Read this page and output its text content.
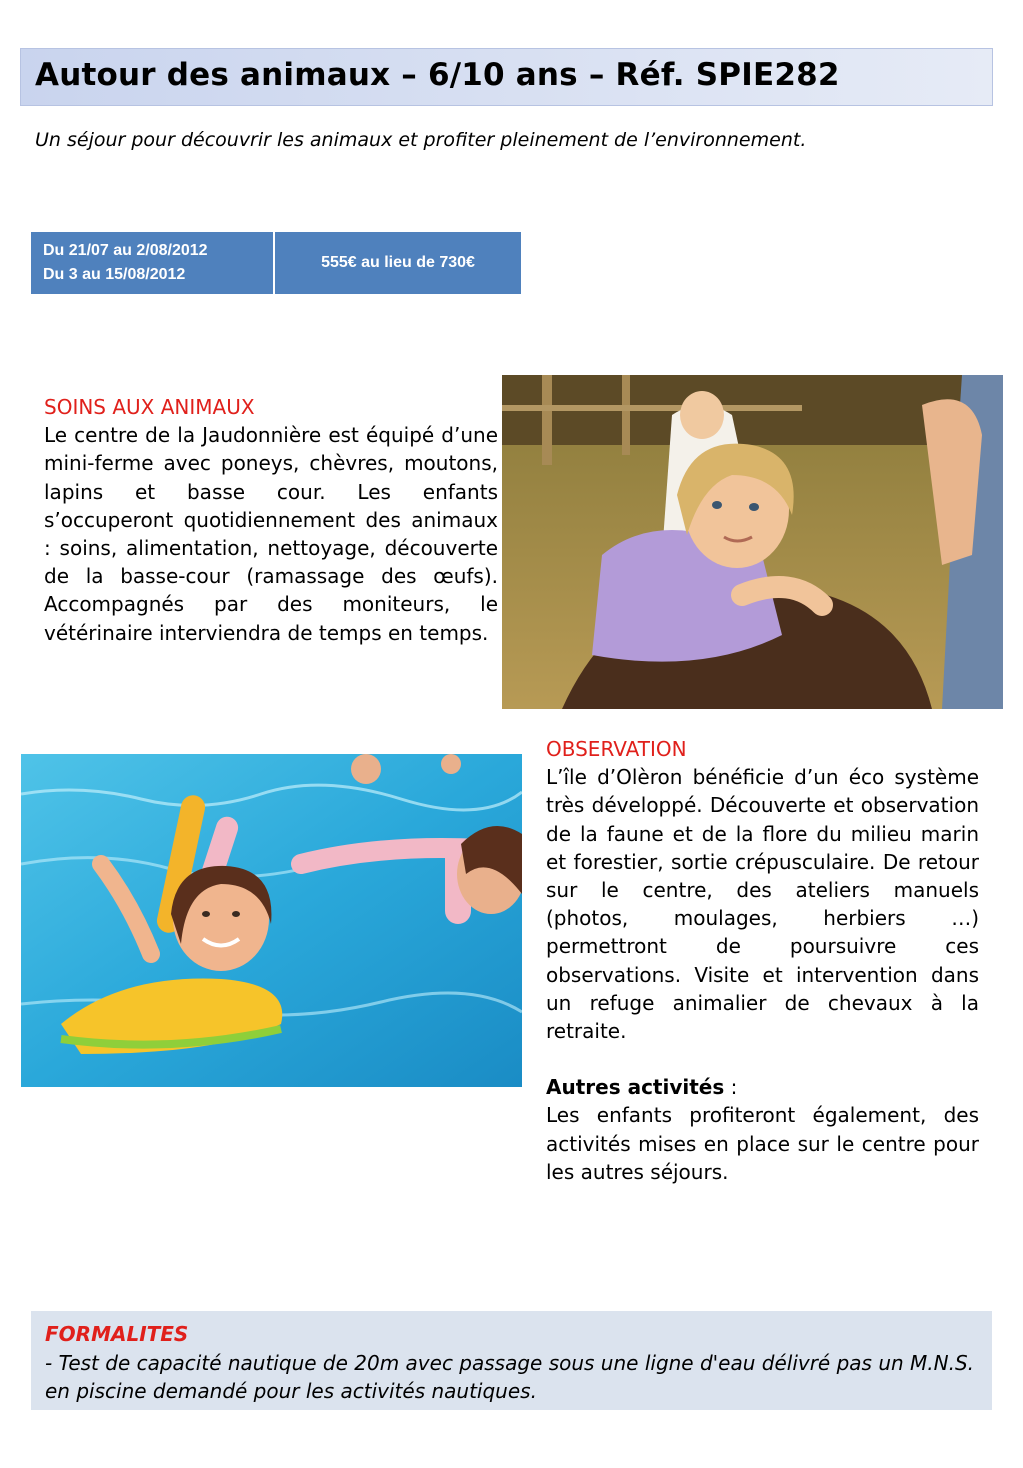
Autour des animaux – 6/10 ans – Réf. SPIE282
Un séjour pour découvrir les animaux et profiter pleinement de l’environnement.
Du 21/07 au 2/08/2012
Du 3 au 15/08/2012
555€ au lieu de 730€
SOINS AUX ANIMAUX
Le centre de la Jaudonnière est équipé d’une mini-ferme avec poneys, chèvres, moutons, lapins et basse cour. Les enfants s’occuperont quotidiennement des animaux : soins, alimentation, nettoyage, découverte de la basse-cour (ramassage des œufs). Accompagnés par des moniteurs, le vétérinaire interviendra de temps en temps.
OBSERVATION
L’île d’Olèron bénéficie d’un éco système très développé. Découverte et observation de la faune et de la flore du milieu marin et forestier, sortie crépusculaire. De retour sur le centre, des ateliers manuels (photos, moulages, herbiers …) permettront de poursuivre ces observations. Visite et intervention dans un refuge animalier de chevaux à la retraite.
Autres activités :
Les enfants profiteront également, des activités mises en place sur le centre pour les autres séjours.
FORMALITES
- Test de capacité nautique de 20m avec passage sous une ligne d'eau délivré pas un M.N.S. en piscine demandé pour les activités nautiques.
